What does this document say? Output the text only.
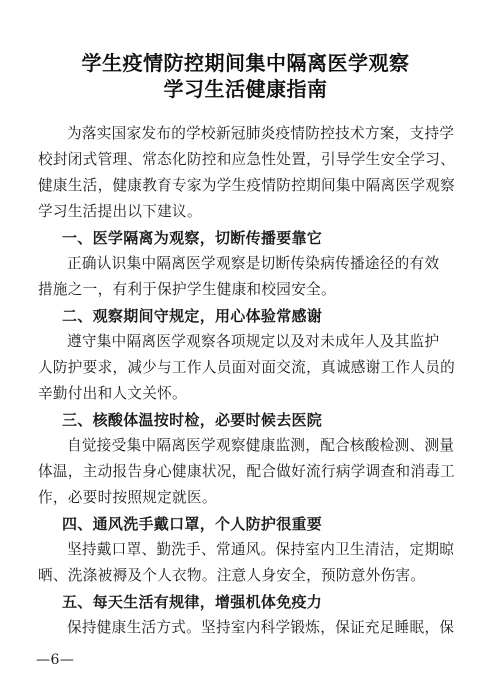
学生疫情防控期间集中隔离医学观察
学习生活健康指南
为落实国家发布的学校新冠肺炎疫情防控技术方案，支持学
校封闭式管理、常态化防控和应急性处置，引导学生安全学习、
健康生活，健康教育专家为学生疫情防控期间集中隔离医学观察
学习生活提出以下建议。
一、医学隔离为观察，切断传播要靠它
正确认识集中隔离医学观察是切断传染病传播途径的有效
措施之一，有利于保护学生健康和校园安全。
二、观察期间守规定，用心体验常感谢
遵守集中隔离医学观察各项规定以及对未成年人及其监护
人防护要求，减少与工作人员面对面交流，真诚感谢工作人员的
辛勤付出和人文关怀。
三、核酸体温按时检，必要时候去医院
自觉接受集中隔离医学观察健康监测，配合核酸检测、测量
体温，主动报告身心健康状况，配合做好流行病学调查和消毒工
作，必要时按照规定就医。
四、通风洗手戴口罩，个人防护很重要
坚持戴口罩、勤洗手、常通风。保持室内卫生清洁，定期晾
晒、洗涤被褥及个人衣物。注意人身安全，预防意外伤害。
五、每天生活有规律，增强机体免疫力
保持健康生活方式。坚持室内科学锻炼，保证充足睡眠，保
—6—
